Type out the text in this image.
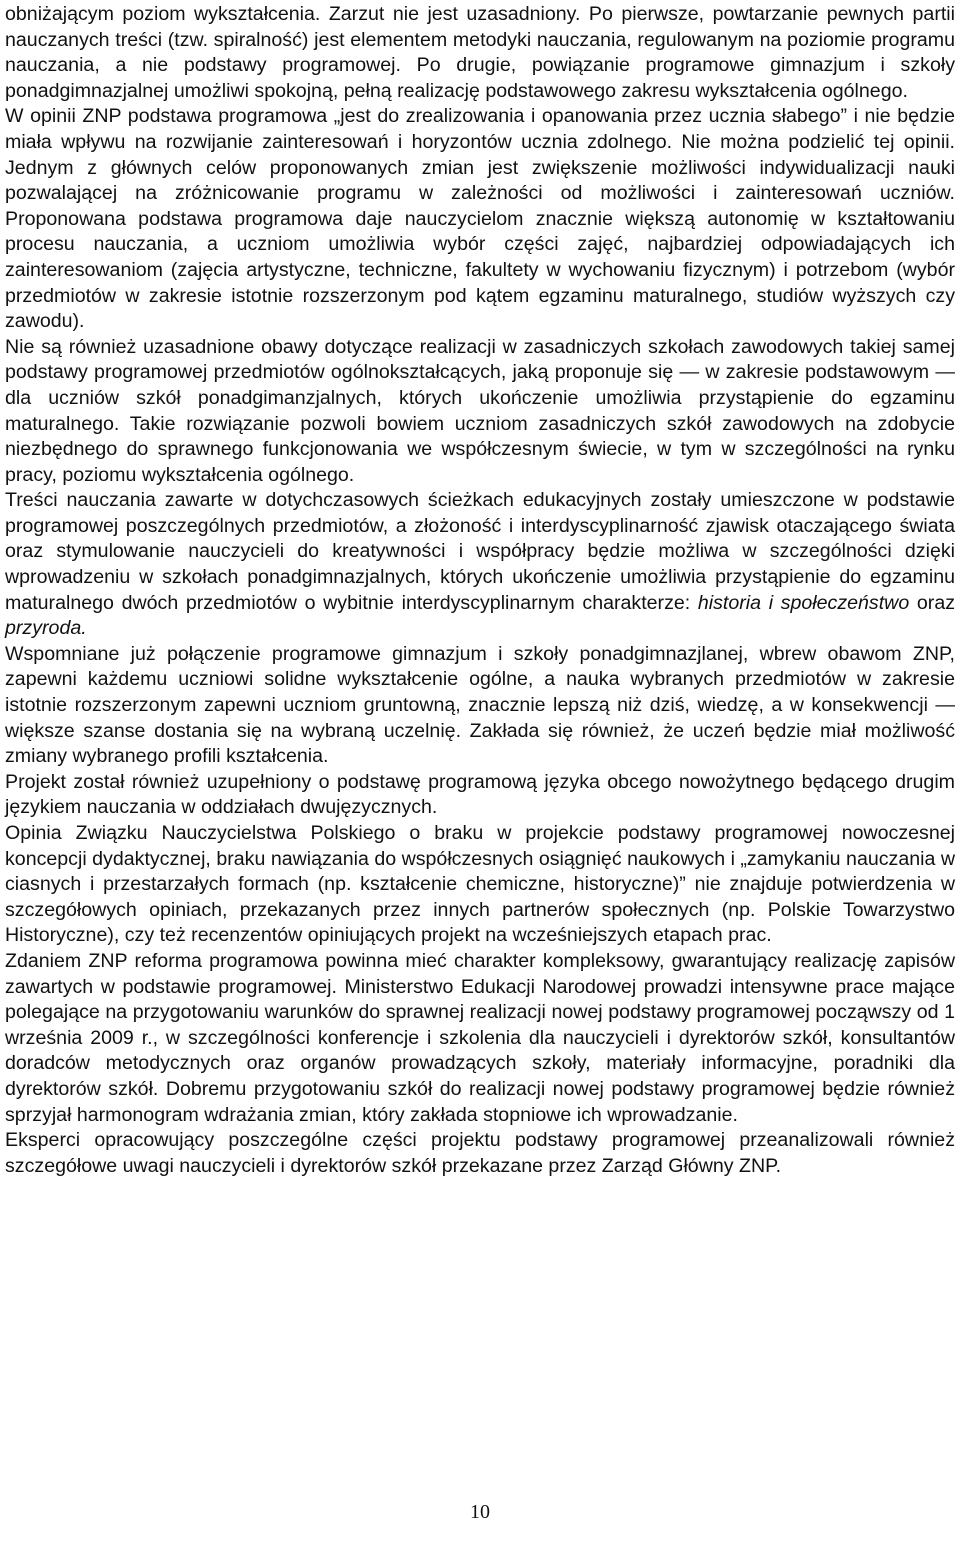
obniżającym poziom wykształcenia. Zarzut nie jest uzasadniony. Po pierwsze, powtarzanie pewnych partii nauczanych treści (tzw. spiralność) jest elementem metodyki nauczania, regulowanym na poziomie programu nauczania, a nie podstawy programowej. Po drugie, powiązanie programowe gimnazjum i szkoły ponadgimnazjalnej umożliwi spokojną, pełną realizację podstawowego zakresu wykształcenia ogólnego.

W opinii ZNP podstawa programowa „jest do zrealizowania i opanowania przez ucznia słabego” i nie będzie miała wpływu na rozwijanie zainteresowań i horyzontów ucznia zdolnego. Nie można podzielić tej opinii. Jednym z głównych celów proponowanych zmian jest zwiększenie możliwości indywidualizacji nauki pozwalającej na zróżnicowanie programu w zależności od możliwości i zainteresowań uczniów. Proponowana podstawa programowa daje nauczycielom znacznie większą autonomię w kształtowaniu procesu nauczania, a uczniom umożliwia wybór części zajęć, najbardziej odpowiadających ich zainteresowaniom (zajęcia artystyczne, techniczne, fakultety w wychowaniu fizycznym) i potrzebom (wybór przedmiotów w zakresie istotnie rozszerzonym pod kątem egzaminu maturalnego, studiów wyższych czy zawodu).

Nie są również uzasadnione obawy dotyczące realizacji w zasadniczych szkołach zawodowych takiej samej podstawy programowej przedmiotów ogólnokształcących, jaką proponuje się — w zakresie podstawowym — dla uczniów szkół ponadgimanzjalnych, których ukończenie umożliwia przystąpienie do egzaminu maturalnego. Takie rozwiązanie pozwoli bowiem uczniom zasadniczych szkół zawodowych na zdobycie niezbędnego do sprawnego funkcjonowania we współczesnym świecie, w tym w szczególności na rynku pracy, poziomu wykształcenia ogólnego.

Treści nauczania zawarte w dotychczasowych ścieżkach edukacyjnych zostały umieszczone w podstawie programowej poszczególnych przedmiotów, a złożoność i interdyscyplinarność zjawisk otaczającego świata oraz stymulowanie nauczycieli do kreatywności i współpracy będzie możliwa w szczególności dzięki wprowadzeniu w szkołach ponadgimnazjalnych, których ukończenie umożliwia przystąpienie do egzaminu maturalnego dwóch przedmiotów o wybitnie interdyscyplinarnym charakterze: historia i społeczeństwo oraz przyroda.

Wspomniane już połączenie programowe gimnazjum i szkoły ponadgimnazjlanej, wbrew obawom ZNP, zapewni każdemu uczniowi solidne wykształcenie ogólne, a nauka wybranych przedmiotów w zakresie istotnie rozszerzonym zapewni uczniom gruntowną, znacznie lepszą niż dziś, wiedzę, a w konsekwencji — większe szanse dostania się na wybraną uczelnię. Zakłada się również, że uczeń będzie miał możliwość zmiany wybranego profili kształcenia.

Projekt został również uzupełniony o podstawę programową języka obcego nowożytnego będącego drugim językiem nauczania w oddziałach dwujęzycznych.

Opinia Związku Nauczycielstwa Polskiego o braku w projekcie podstawy programowej nowoczesnej koncepcji dydaktycznej, braku nawiązania do współczesnych osiągnięć naukowych i „zamykaniu nauczania w ciasnych i przestarzałych formach (np. kształcenie chemiczne, historyczne)” nie znajduje potwierdzenia w szczegółowych opiniach, przekazanych przez innych partnerów społecznych (np. Polskie Towarzystwo Historyczne), czy też recenzentów opiniujących projekt na wcześniejszych etapach prac.

Zdaniem ZNP reforma programowa powinna mieć charakter kompleksowy, gwarantujący realizację zapisów zawartych w podstawie programowej. Ministerstwo Edukacji Narodowej prowadzi intensywne prace mające polegające na przygotowaniu warunków do sprawnej realizacji nowej podstawy programowej począwszy od 1 września 2009 r., w szczególności konferencje i szkolenia dla nauczycieli i dyrektorów szkół, konsultantów doradców metodycznych oraz organów prowadzących szkoły, materiały informacyjne, poradniki dla dyrektorów szkół. Dobremu przygotowaniu szkół do realizacji nowej podstawy programowej będzie również sprzyjał harmonogram wdrażania zmian, który zakłada stopniowe ich wprowadzanie.

Eksperci opracowujący poszczególne części projektu podstawy programowej przeanalizowali również szczegółowe uwagi nauczycieli i dyrektorów szkół przekazane przez Zarząd Główny ZNP.

10
